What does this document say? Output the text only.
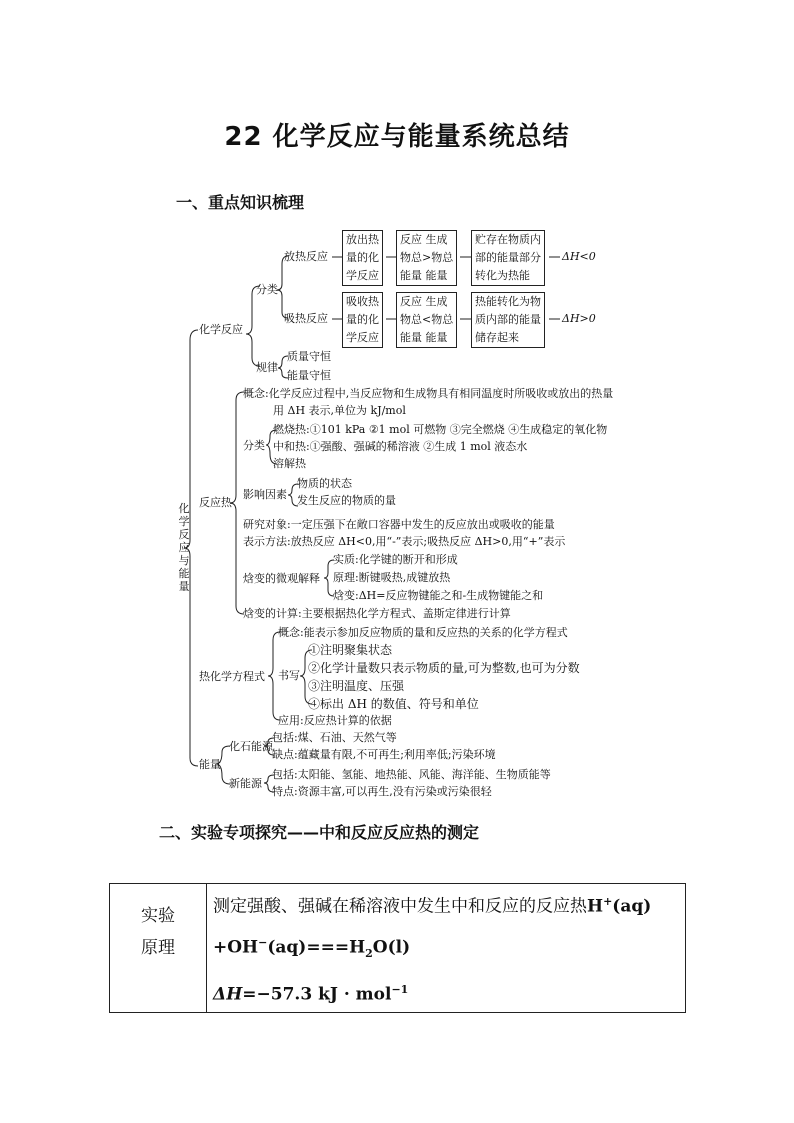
22 化学反应与能量系统总结
一、重点知识梳理
化学反应与能量
化学反应
分类
放热反应
吸热反应
放出热
量的化
学反应
反应 生成
物总>物总
能量 能量
贮存在物质内
部的能量部分
转化为热能
ΔH<0
吸收热
量的化
学反应
反应 生成
物总<物总
能量 能量
热能转化为物
质内部的能量
储存起来
ΔH>0
规律
质量守恒
能量守恒
反应热
概念:化学反应过程中,当反应物和生成物具有相同温度时所吸收或放出的热量
用 ΔH 表示,单位为 kJ/mol
分类
燃烧热:①101 kPa ②1 mol 可燃物 ③完全燃烧 ④生成稳定的氧化物
中和热:①强酸、强碱的稀溶液 ②生成 1 mol 液态水
溶解热
影响因素
物质的状态
发生反应的物质的量
研究对象:一定压强下在敞口容器中发生的反应放出或吸收的能量
表示方法:放热反应 ΔH<0,用“-”表示;吸热反应 ΔH>0,用“+”表示
焓变的微观解释
实质:化学键的断开和形成
原理:断键吸热,成键放热
焓变:ΔH=反应物键能之和-生成物键能之和
焓变的计算:主要根据热化学方程式、盖斯定律进行计算
热化学方程式
概念:能表示参加反应物质的量和反应热的关系的化学方程式
书写
①注明聚集状态
②化学计量数只表示物质的量,可为整数,也可为分数
③注明温度、压强
④标出 ΔH 的数值、符号和单位
应用:反应热计算的依据
能量
化石能源
包括:煤、石油、天然气等
缺点:蕴藏量有限,不可再生;利用率低;污染环境
新能源
包括:太阳能、氢能、地热能、风能、海洋能、生物质能等
特点:资源丰富,可以再生,没有污染或污染很轻
二、实验专项探究——中和反应反应热的测定
实验
原理

测定强酸、强碱在稀溶液中发生中和反应的反应热H+(aq)
$+OH^-(aq)===H_2O(l)$
ΔH=−57.3 kJ · mol$^{-1}$
